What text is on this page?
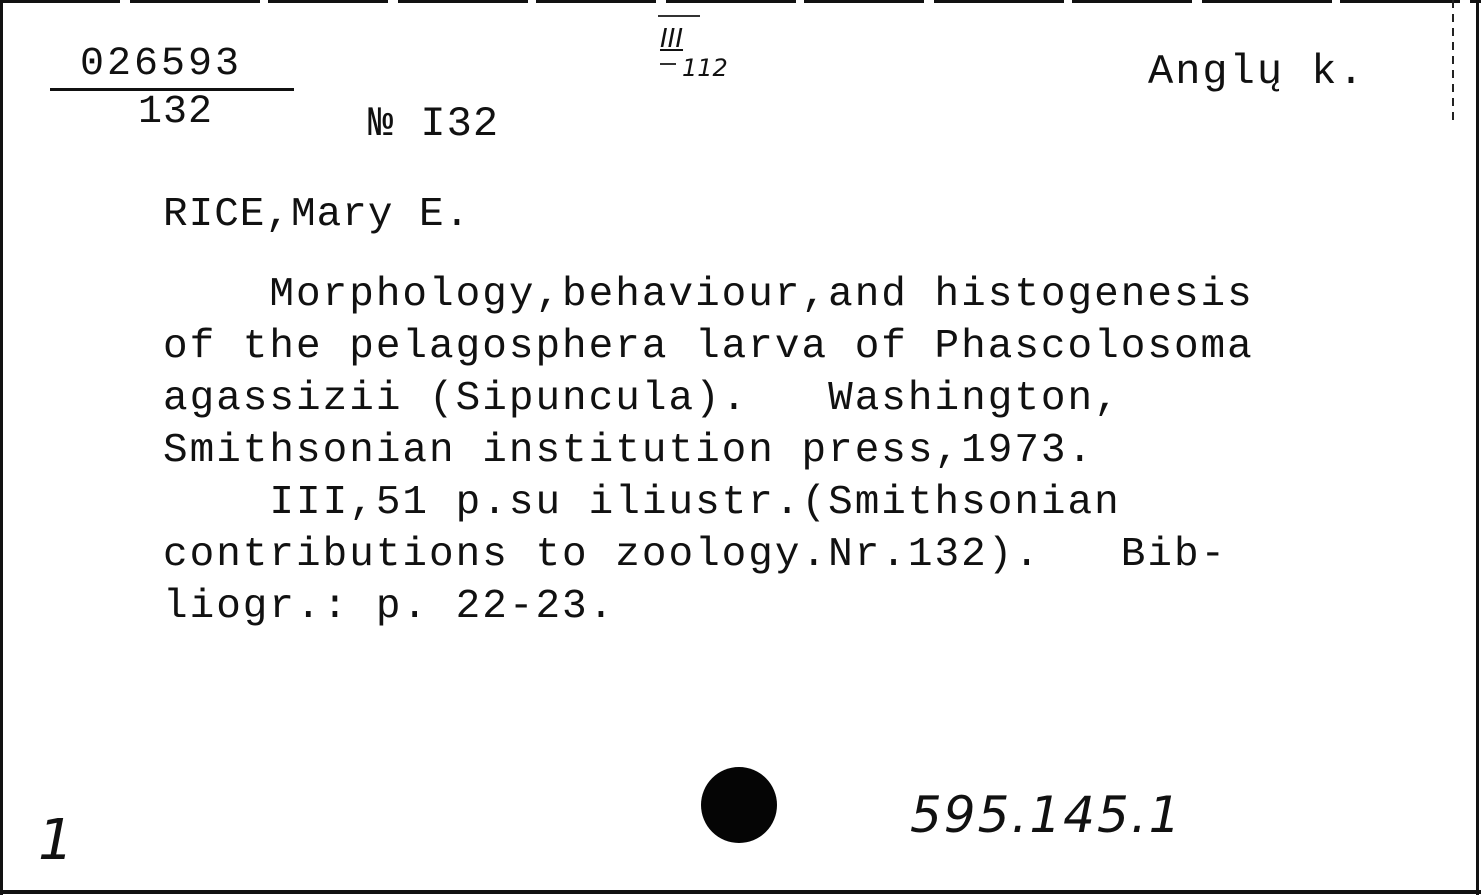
026593
132	№ I32
III
112	Anglų k.
RICE,Mary E.
Morphology,behaviour,and histogenesis
of the pelagosphera larva of Phascolosoma
agassizii (Sipuncula).   Washington,
Smithsonian institution press,1973.
III,51 p.su iliustr.(Smithsonian
contributions to zoology.Nr.132).   Bib-
liogr.: p. 22-23.
595.145.1
1
